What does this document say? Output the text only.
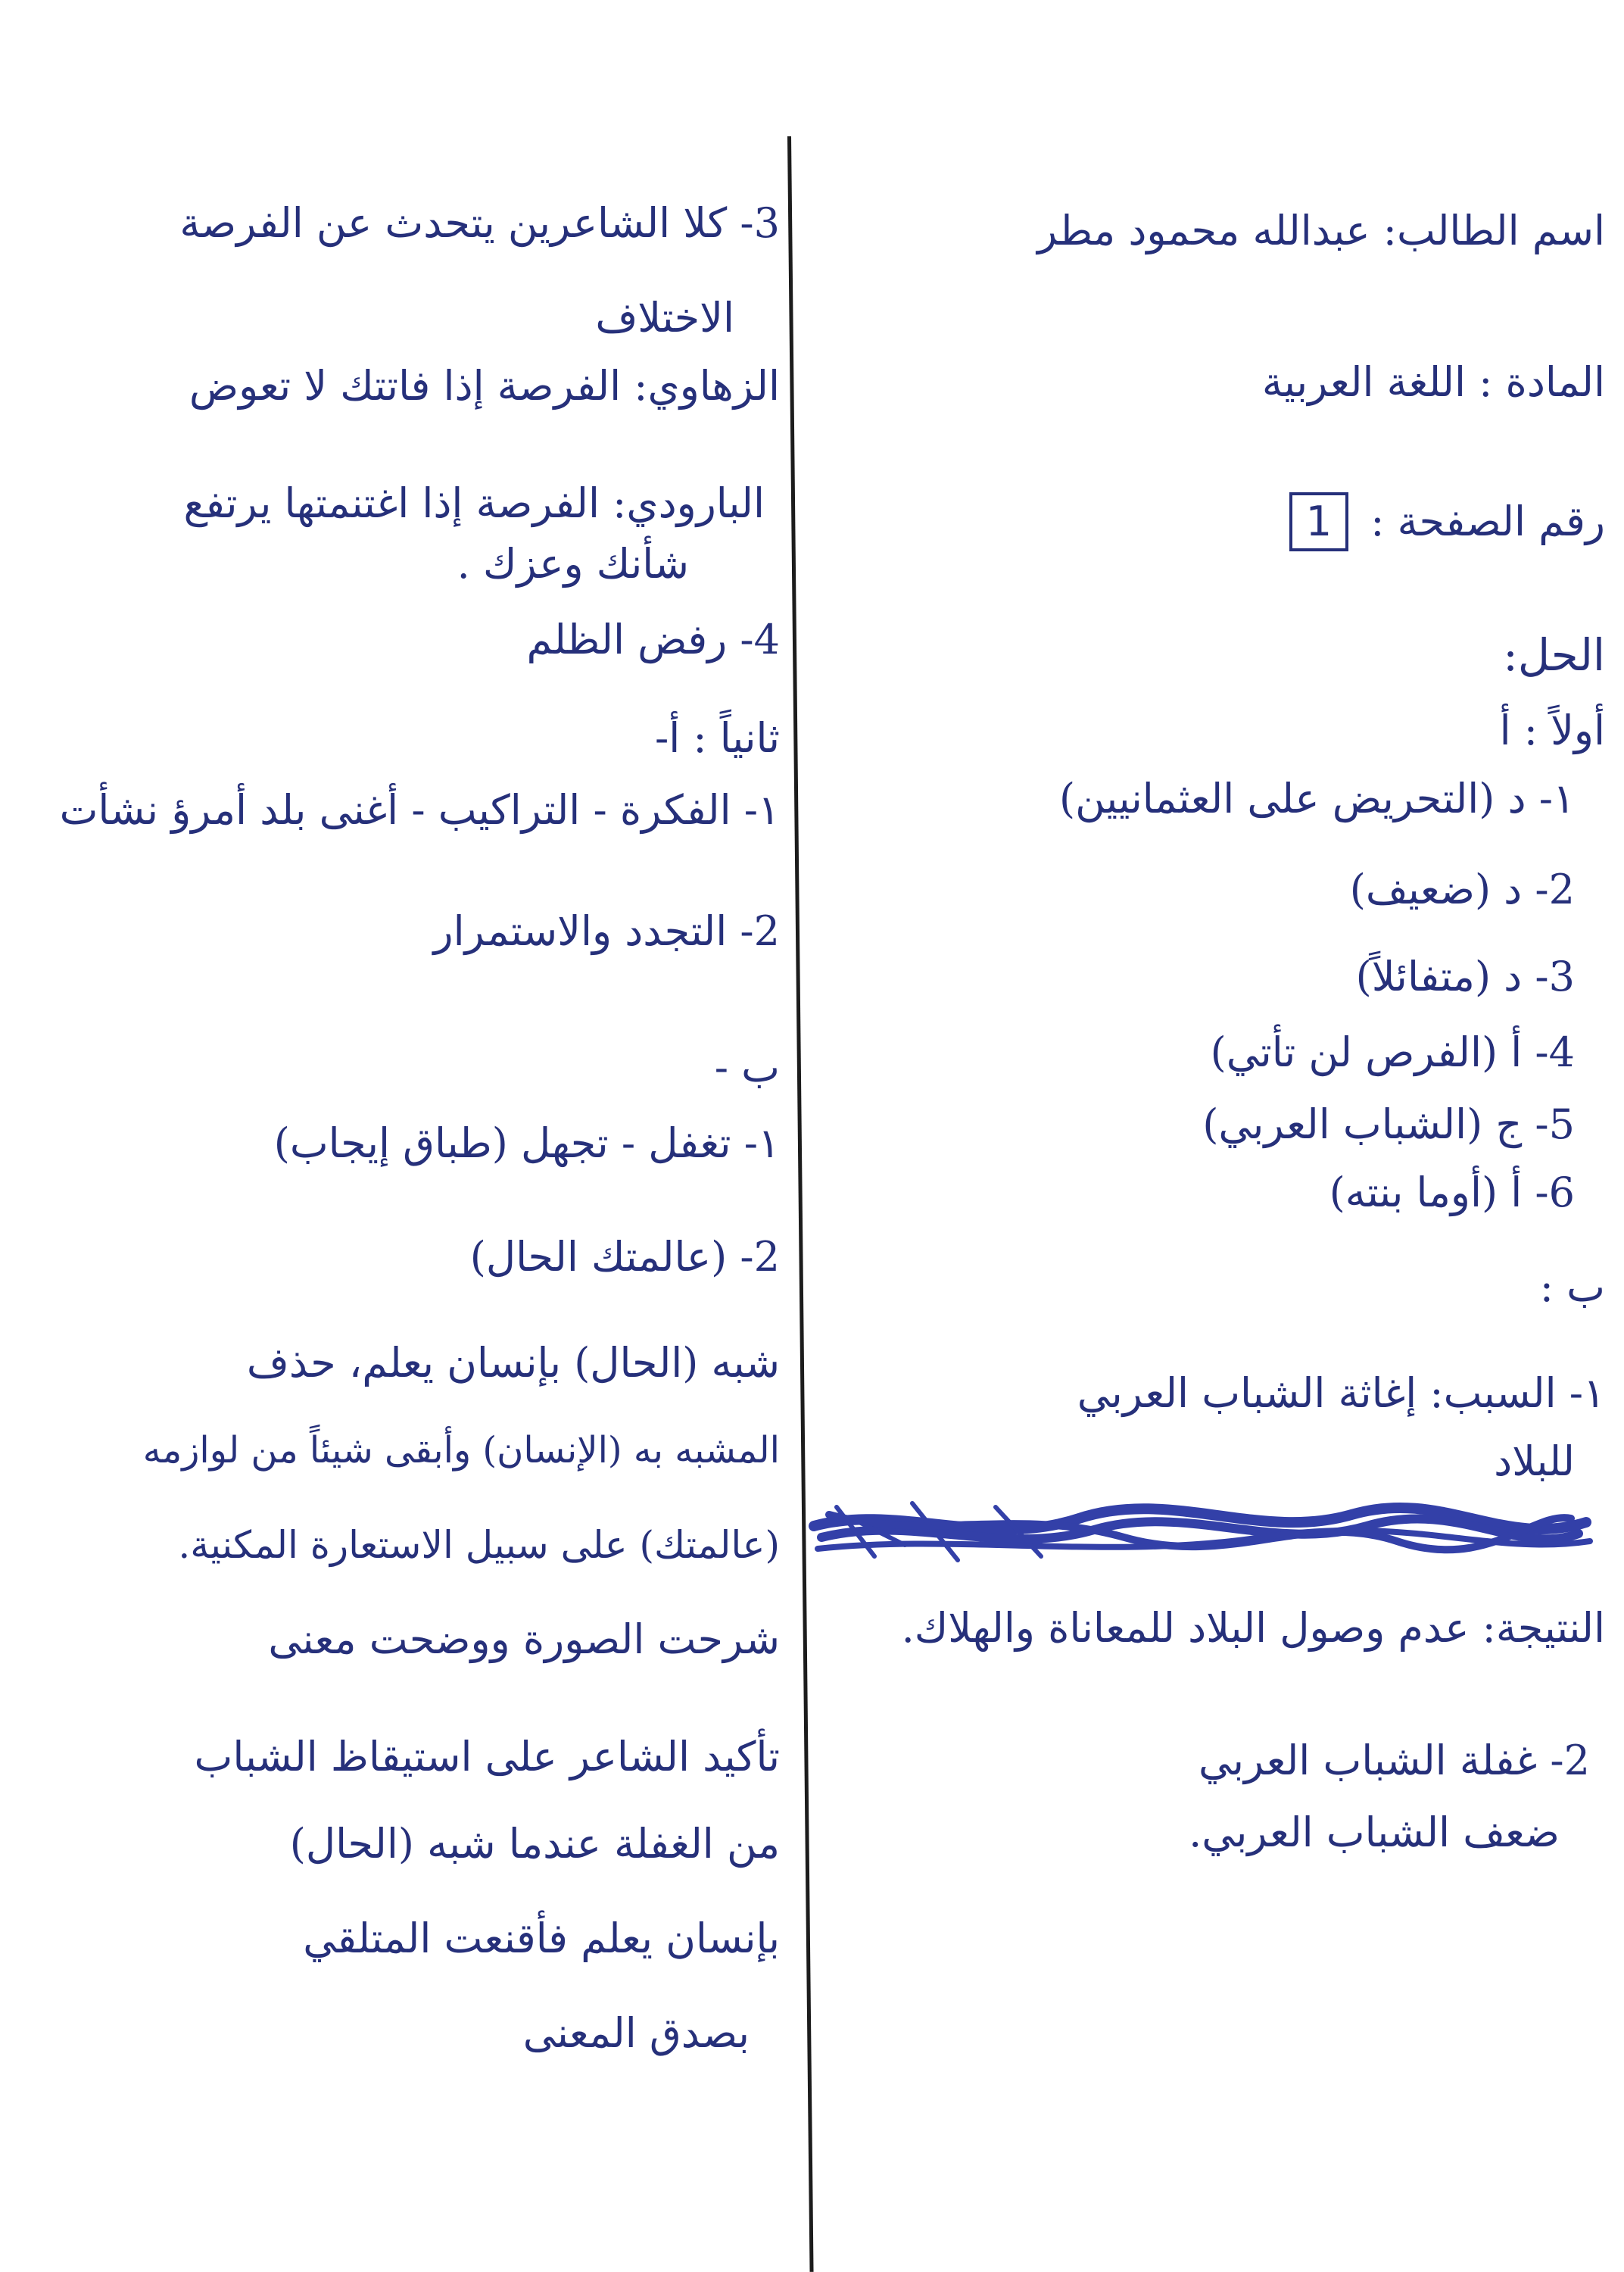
اسم الطالب: عبدالله محمود مطر
المادة : اللغة العربية
رقم الصفحة : 1
الحل:
أولاً : أ
١- د (التحريض على العثمانيين)
2- د (ضعيف)
3- د (متفائلاً)
4- أ (الفرص لن تأتي)
5- ج (الشباب العربي)
6- أ (أوما بنته)
ب :
١- السبب: إغاثة الشباب العربي
للبلاد
النتيجة: عدم وصول البلاد للمعاناة والهلاك.
2- غفلة الشباب العربي
ضعف الشباب العربي.
3- كلا الشاعرين يتحدث عن الفرصة
الاختلاف
الزهاوي: الفرصة إذا فاتتك لا تعوض
البارودي: الفرصة إذا اغتنمتها يرتفع
شأنك وعزك .
4- رفض الظلم
ثانياً : أ-
١- الفكرة - التراكيب - أغنى بلد أمرؤ نشأت
2- التجدد والاستمرار
ب -
١- تغفل - تجهل (طباق إيجاب)
2- (عالمتك الحال)
شبه (الحال) بإنسان يعلم، حذف
المشبه به (الإنسان) وأبقى شيئاً من لوازمه
(عالمتك) على سبيل الاستعارة المكنية.
شرحت الصورة ووضحت معنى
تأكيد الشاعر على استيقاظ الشباب
من الغفلة عندما شبه (الحال)
بإنسان يعلم فأقنعت المتلقي
بصدق المعنى
